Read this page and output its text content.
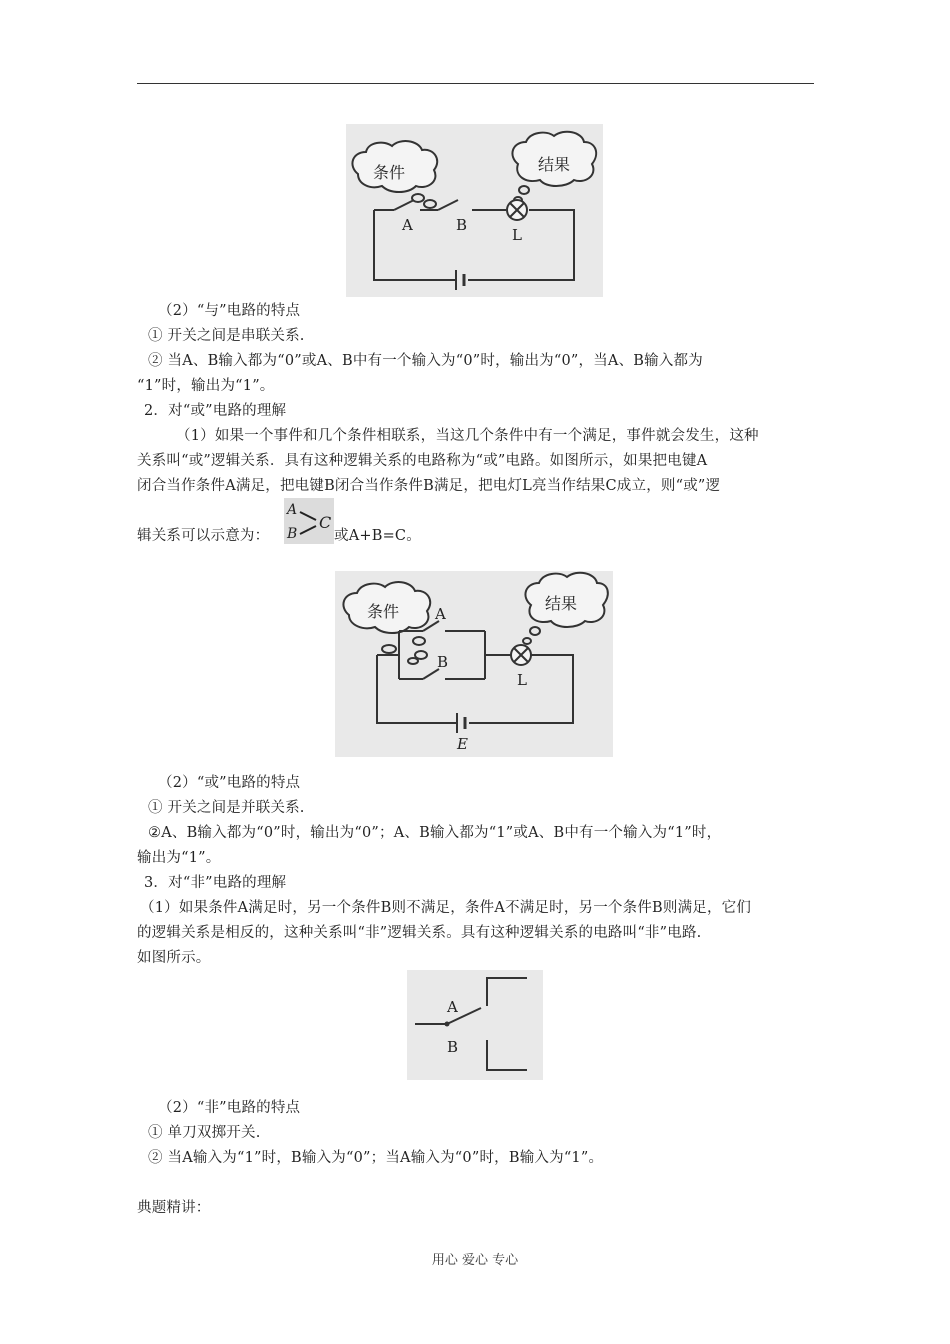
条件	结果
A	B
L
（2）“与”电路的特点
① 开关之间是串联关系.
② 当A、B输入都为“0”或A、B中有一个输入为“0”时，输出为“0”，当A、B输入都为
“1”时，输出为“1”。
2．对“或”电路的理解
（1）如果一个事件和几个条件相联系，当这几个条件中有一个满足，事件就会发生，这种
关系叫“或”逻辑关系．具有这种逻辑关系的电路称为“或”电路。如图所示，如果把电键A
闭合当作条件A满足，把电键B闭合当作条件B满足，把电灯L亮当作结果C成立，则“或”逻
辑关系可以示意为：
A
B
C
或A+B=C。
条件	结果
A
B
L
E
（2）“或”电路的特点
① 开关之间是并联关系.
②A、B输入都为“0”时，输出为“0”；A、B输入都为“1”或A、B中有一个输入为“1”时，
输出为“1”。
3．对“非”电路的理解
（1）如果条件A满足时，另一个条件B则不满足，条件A不满足时，另一个条件B则满足，它们
的逻辑关系是相反的，这种关系叫“非”逻辑关系。具有这种逻辑关系的电路叫“非”电路.
如图所示。
A
B
（2）“非”电路的特点
① 单刀双掷开关.
② 当A输入为“1”时，B输入为“0”；当A输入为“0”时，B输入为“1”。
典题精讲：
用心 爱心 专心
